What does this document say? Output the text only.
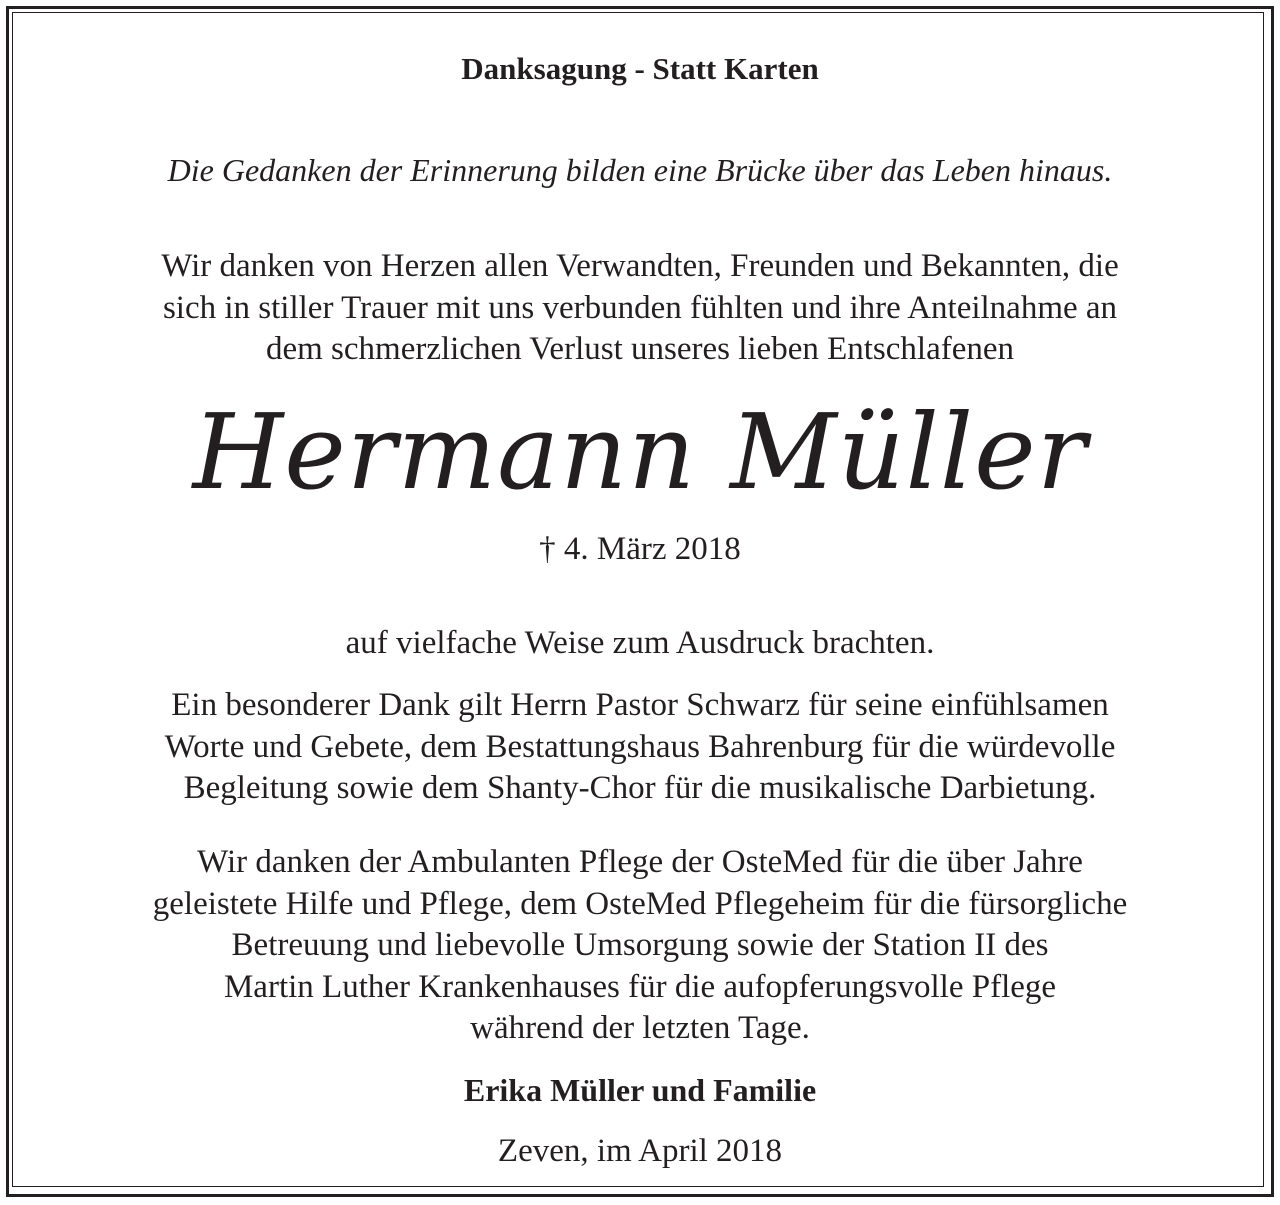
Danksagung - Statt Karten
Die Gedanken der Erinnerung bilden eine Brücke über das Leben hinaus.
Wir danken von Herzen allen Verwandten, Freunden und Bekannten, die
sich in stiller Trauer mit uns verbunden fühlten und ihre Anteilnahme an
dem schmerzlichen Verlust unseres lieben Entschlafenen
Hermann Müller
† 4. März 2018
auf vielfache Weise zum Ausdruck brachten.
Ein besonderer Dank gilt Herrn Pastor Schwarz für seine einfühlsamen
Worte und Gebete, dem Bestattungshaus Bahrenburg für die würdevolle
Begleitung sowie dem Shanty-Chor für die musikalische Darbietung.
Wir danken der Ambulanten Pflege der OsteMed für die über Jahre
geleistete Hilfe und Pflege, dem OsteMed Pflegeheim für die fürsorgliche
Betreuung und liebevolle Umsorgung sowie der Station II des
Martin Luther Krankenhauses für die aufopferungsvolle Pflege
während der letzten Tage.
Erika Müller und Familie
Zeven, im April 2018
